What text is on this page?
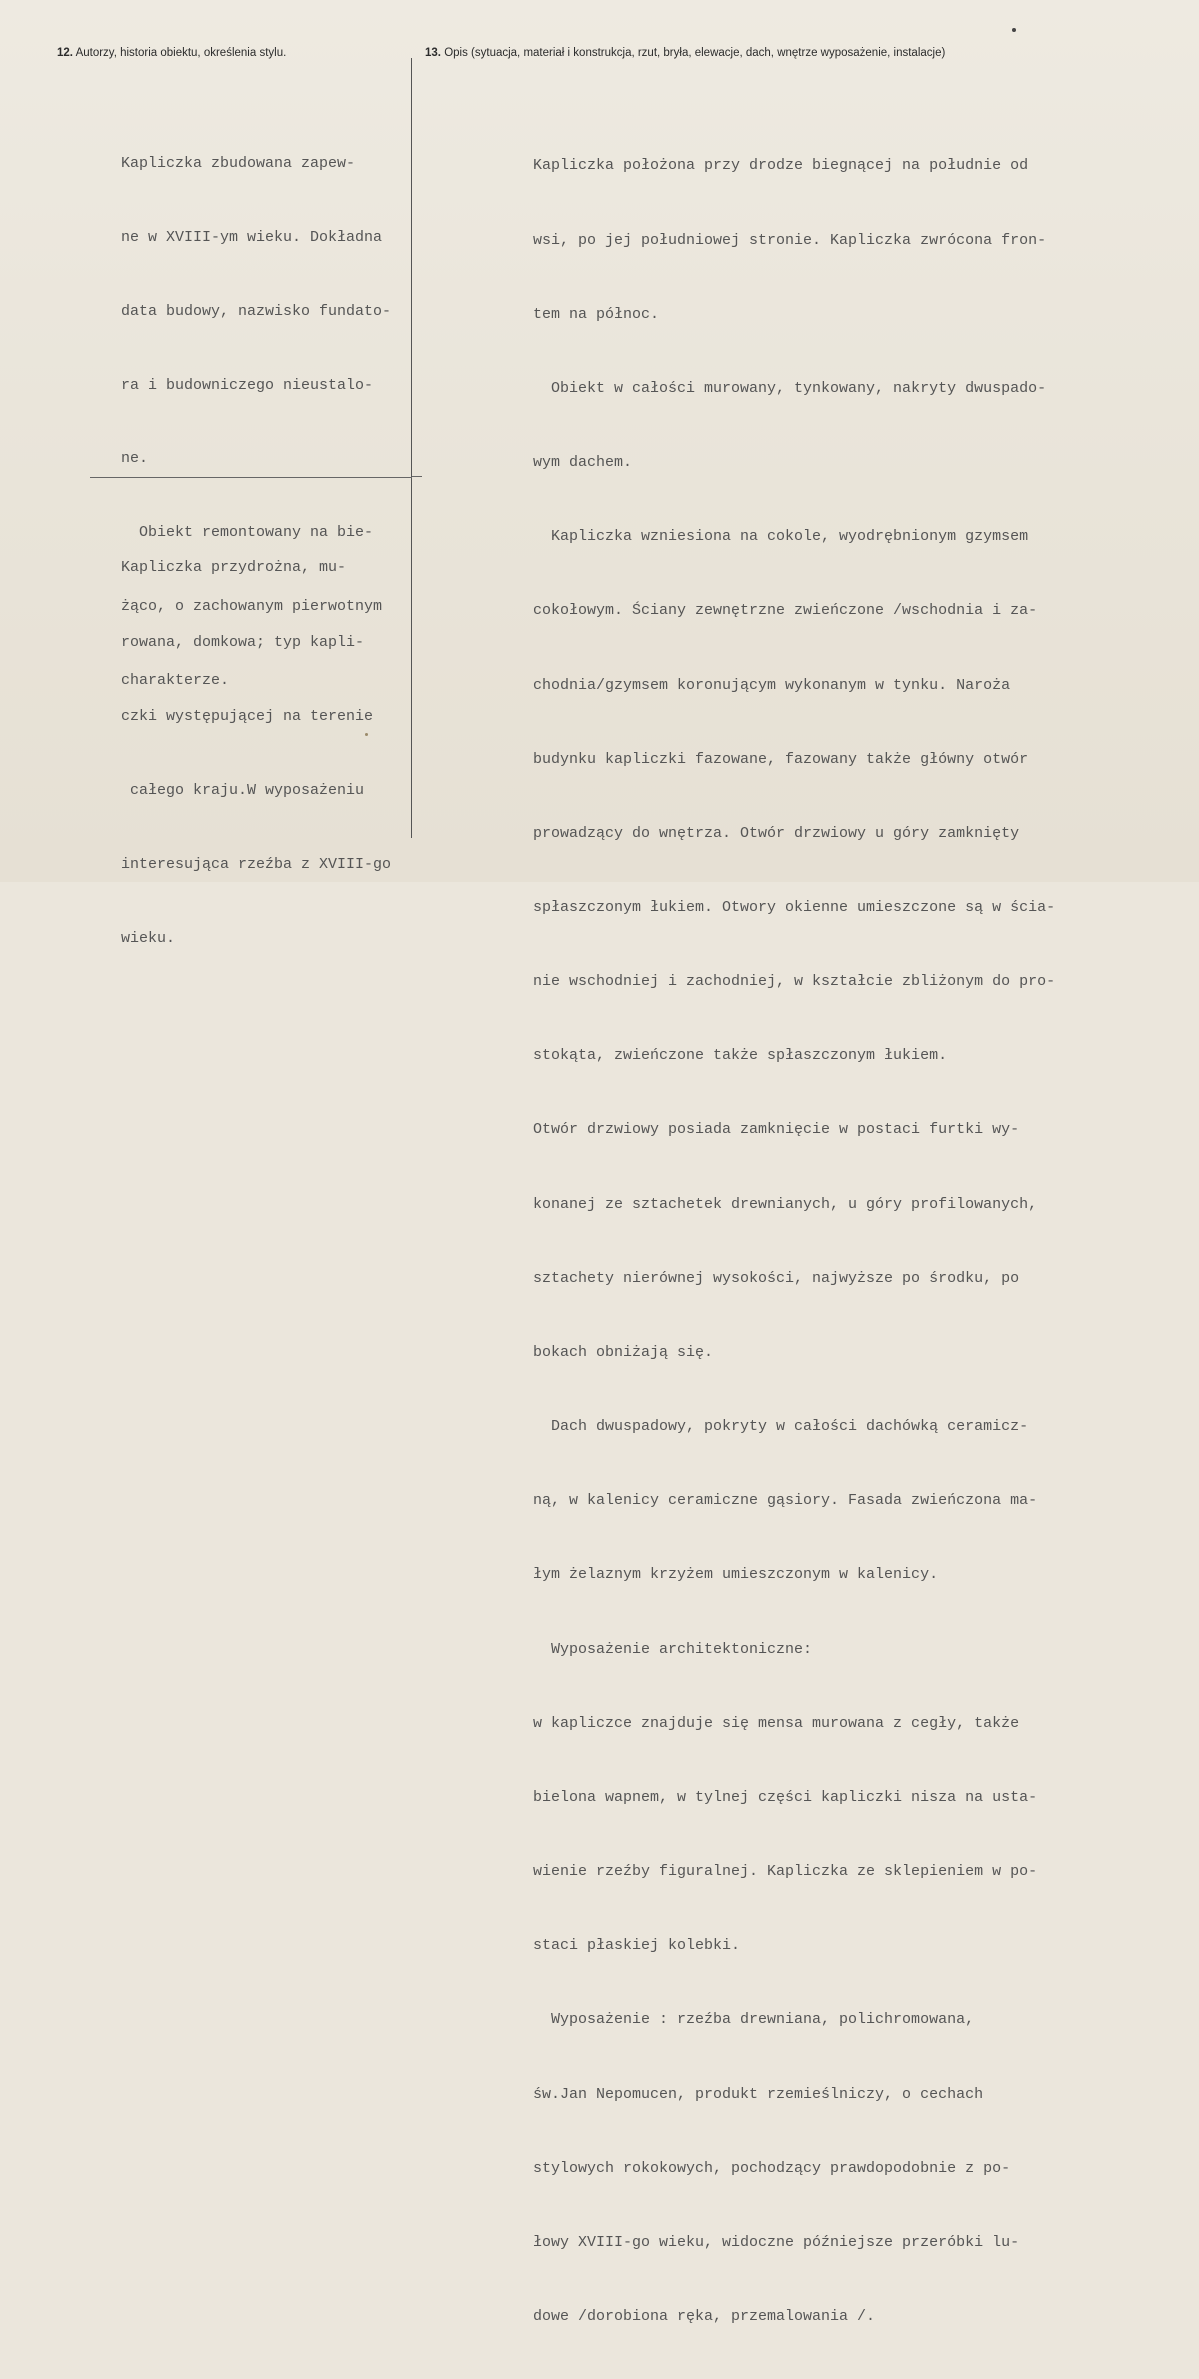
12. Autorzy, historia obiektu, określenia stylu.	13. Opis (sytuacja, materiał i konstrukcja, rzut, bryła, elewacje, dach, wnętrze wyposażenie, instalacje)

Kapliczka zbudowana zapew-

ne w XVIII-ym wieku. Dokładna

data budowy, nazwisko fundato-

ra i budowniczego nieustalo-

ne.

Obiekt remontowany na bie-

żąco, o zachowanym pierwotnym

charakterze.

Kapliczka przydrożna, mu-

rowana, domkowa; typ kapli-

czki występującej na terenie

całego kraju.W wyposażeniu

interesująca rzeźba z XVIII-go

wieku.

Kapliczka położona przy drodze biegnącej na południe od

wsi, po jej południowej stronie. Kapliczka zwrócona fron-

tem na północ.

Obiekt w całości murowany, tynkowany, nakryty dwuspado-

wym dachem.

Kapliczka wzniesiona na cokole, wyodrębnionym gzymsem

cokołowym. Ściany zewnętrzne zwieńczone /wschodnia i za-

chodnia/gzymsem koronującym wykonanym w tynku. Naroża

budynku kapliczki fazowane, fazowany także główny otwór

prowadzący do wnętrza. Otwór drzwiowy u góry zamknięty

spłaszczonym łukiem. Otwory okienne umieszczone są w ścia-

nie wschodniej i zachodniej, w kształcie zbliżonym do pro-

stokąta, zwieńczone także spłaszczonym łukiem.

Otwór drzwiowy posiada zamknięcie w postaci furtki wy-

konanej ze sztachetek drewnianych, u góry profilowanych,

sztachety nierównej wysokości, najwyższe po środku, po

bokach obniżają się.

Dach dwuspadowy, pokryty w całości dachówką ceramicz-

ną, w kalenicy ceramiczne gąsiory. Fasada zwieńczona ma-

łym żelaznym krzyżem umieszczonym w kalenicy.

Wyposażenie architektoniczne:

w kapliczce znajduje się mensa murowana z cegły, także

bielona wapnem, w tylnej części kapliczki nisza na usta-

wienie rzeźby figuralnej. Kapliczka ze sklepieniem w po-

staci płaskiej kolebki.

Wyposażenie : rzeźba drewniana, polichromowana,

św.Jan Nepomucen, produkt rzemieślniczy, o cechach

stylowych rokokowych, pochodzący prawdopodobnie z po-

łowy XVIII-go wieku, widoczne późniejsze przeróbki lu-

dowe /dorobiona ręka, przemalowania /.
